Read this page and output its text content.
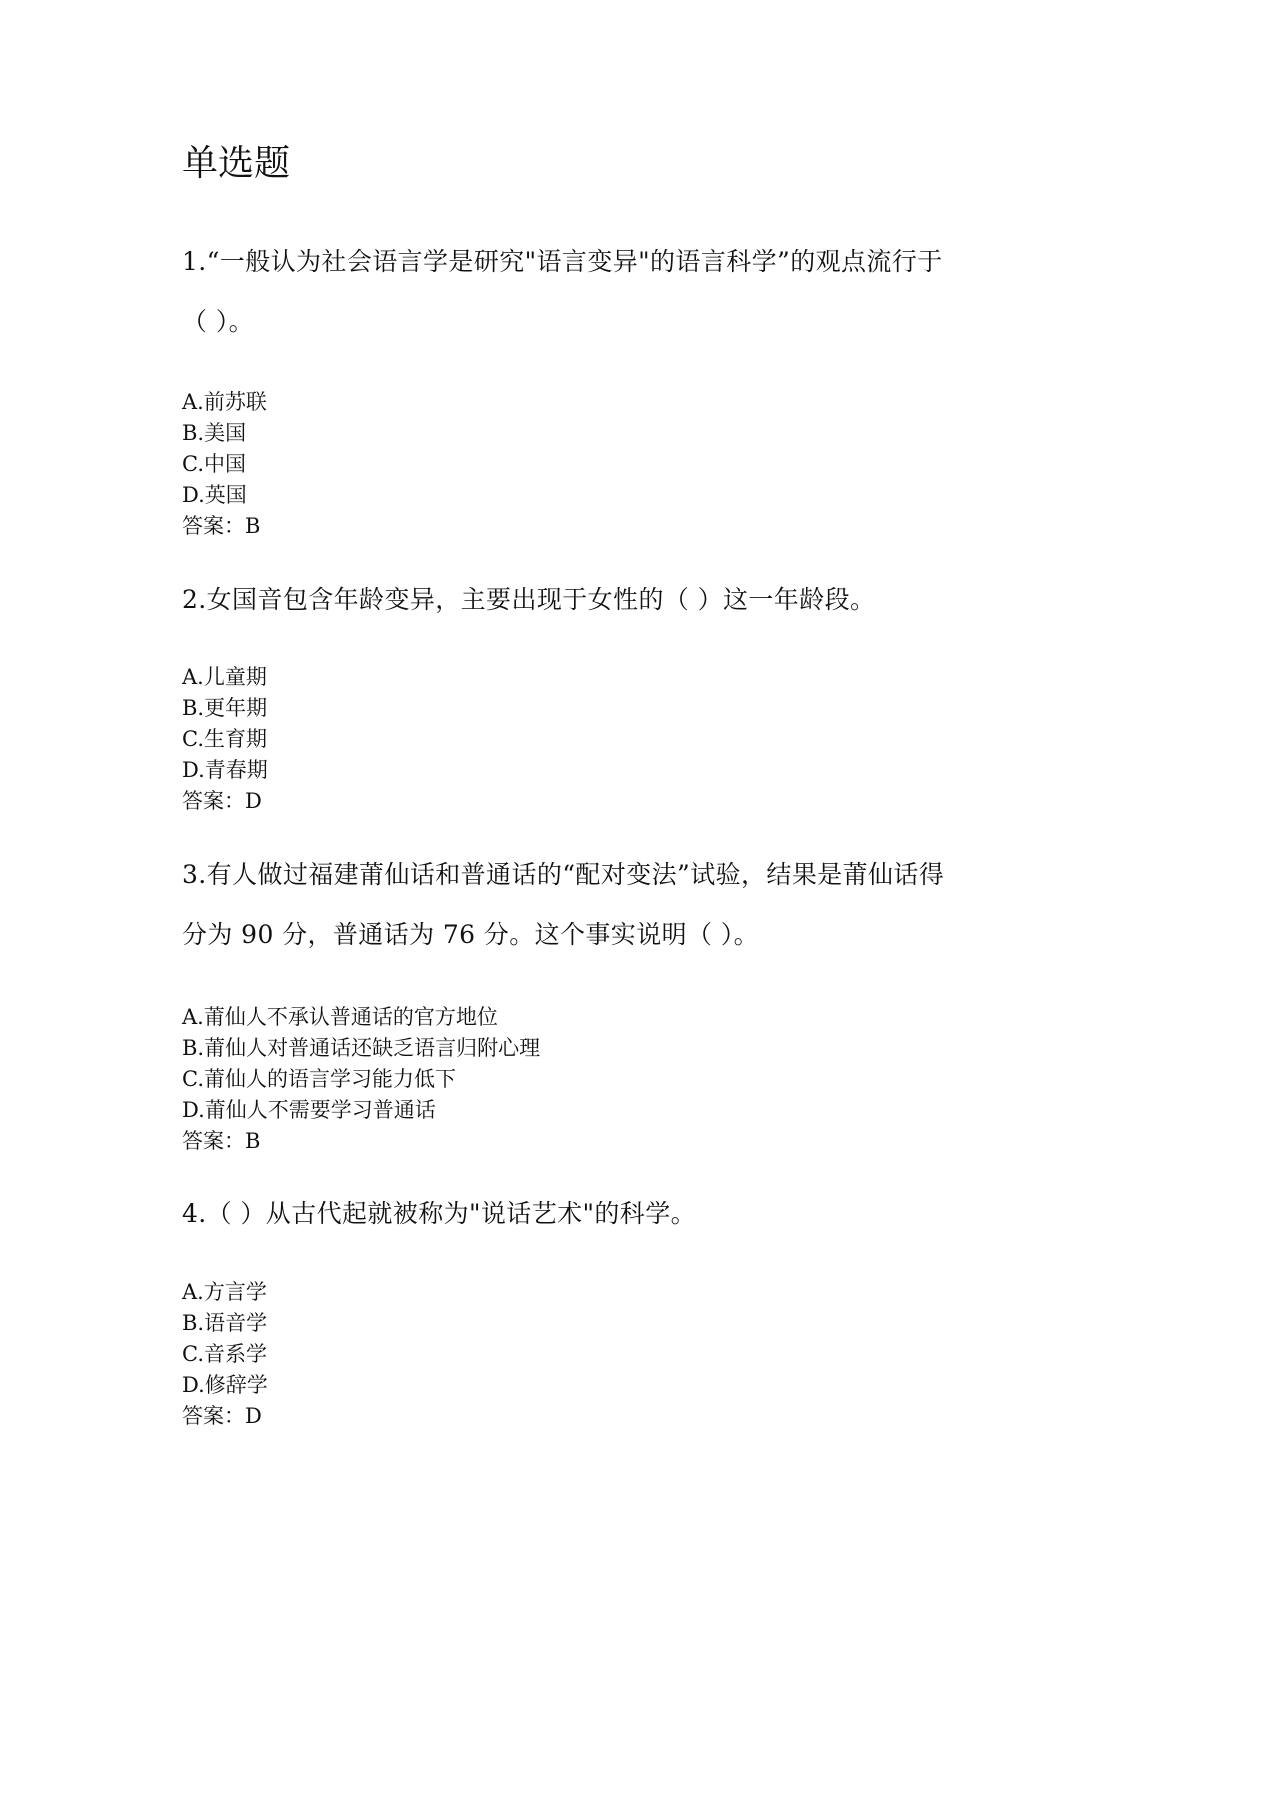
单选题
1.“一般认为社会语言学是研究"语言变异"的语言科学”的观点流行于
（ ）。
A.前苏联
B.美国
C.中国
D.英国
答案：B
2.女国音包含年龄变异，主要出现于女性的（ ）这一年龄段。
A.儿童期
B.更年期
C.生育期
D.青春期
答案：D
3.有人做过福建莆仙话和普通话的“配对变法”试验，结果是莆仙话得
分为 90 分，普通话为 76 分。这个事实说明（ ）。
A.莆仙人不承认普通话的官方地位
B.莆仙人对普通话还缺乏语言归附心理
C.莆仙人的语言学习能力低下
D.莆仙人不需要学习普通话
答案：B
4.（ ）从古代起就被称为"说话艺术"的科学。
A.方言学
B.语音学
C.音系学
D.修辞学
答案：D
